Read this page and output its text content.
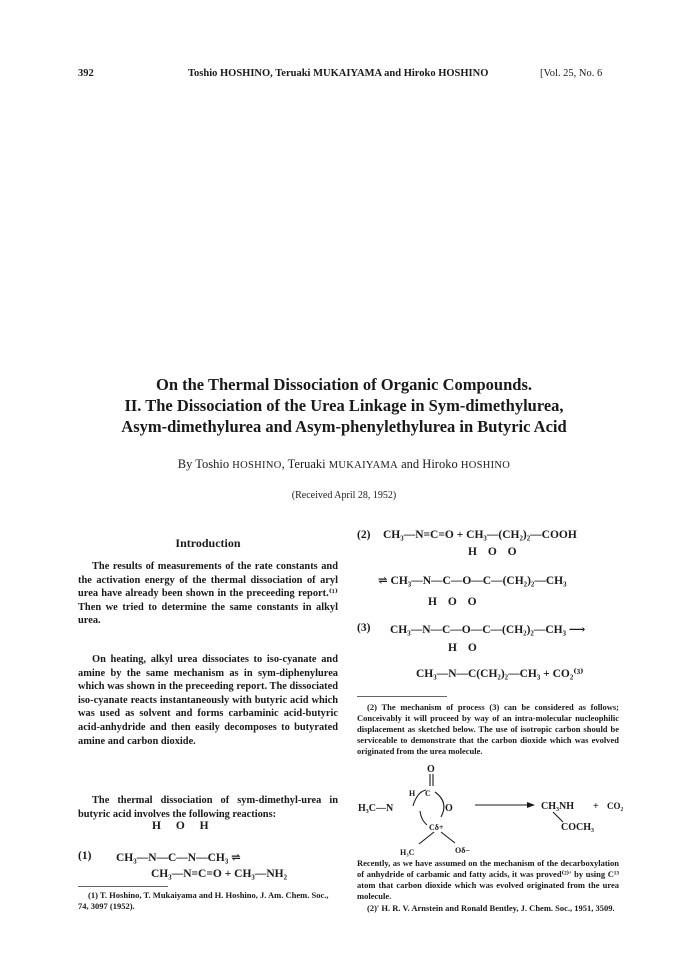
392	Toshio HOSHINO, Teruaki MUKAIYAMA and Hiroko HOSHINO	[Vol. 25, No. 6
On the Thermal Dissociation of Organic Compounds.
II. The Dissociation of the Urea Linkage in Sym-dimethylurea,
Asym-dimethylurea and Asym-phenylethylurea in Butyric Acid
By Toshio HOSHINO, Teruaki MUKAIYAMA and Hiroko HOSHINO
(Received April 28, 1952)
Introduction
The results of measurements of the rate constants and the activation energy of the thermal dissociation of aryl urea have already been shown in the preceeding report.⁽¹⁾ Then we tried to determine the same constants in alkyl urea.
On heating, alkyl urea dissociates to iso-cyanate and amine by the same mechanism as in sym-diphenylurea which was shown in the preceeding report. The dissociated iso-cyanate reacts instantaneously with butyric acid which was used as solvent and forms carbaminic acid-butyric acid-anhydride and then easily decomposes to butyrated amine and carbon dioxide.
The thermal dissociation of sym-dimethyl-urea in butyric acid involves the following reactions:
H O H
(1) CH₃—N—C—N—CH₃ ⇌
CH₃—N=C=O + CH₃—NH₂
(1) T. Hoshino, T. Mukaiyama and H. Hoshino, J. Am. Chem. Soc., 74, 3097 (1952).
(2) CH₃—N=C=O + CH₃—(CH₂)₂—COOH
H O O
⇌ CH₃—N—C—O—C—(CH₂)₂—CH₃
H O O
(3) CH₃—N—C—O—C—(CH₂)₂—CH₃ ⟶
H O
CH₃—N—C(CH₂)₂—CH₃ + CO₂⁽³⁾
(2) The mechanism of process (3) can be considered as follows; Conceivably it will proceed by way of an intra-molecular nucleophilic displacement as sketched below. The use of isotropic carbon should be serviceable to demonstrate that the carbon dioxide which was evolved originated from the urea molecule.
O
H C
H₃C—N	O
Cδ+
H₃C	Oδ−
CH₃NH
COCH₃
+ CO₂
Recently, as we have assumed on the mechanism of the decarboxylation of anhydride of carbamic and fatty acids, it was proved⁽²⁾′ by using C¹³ atom that carbon dioxide which was evolved originated from the urea molecule.
(2)′ H. R. V. Arnstein and Ronald Bentley, J. Chem. Soc., 1951, 3509.
